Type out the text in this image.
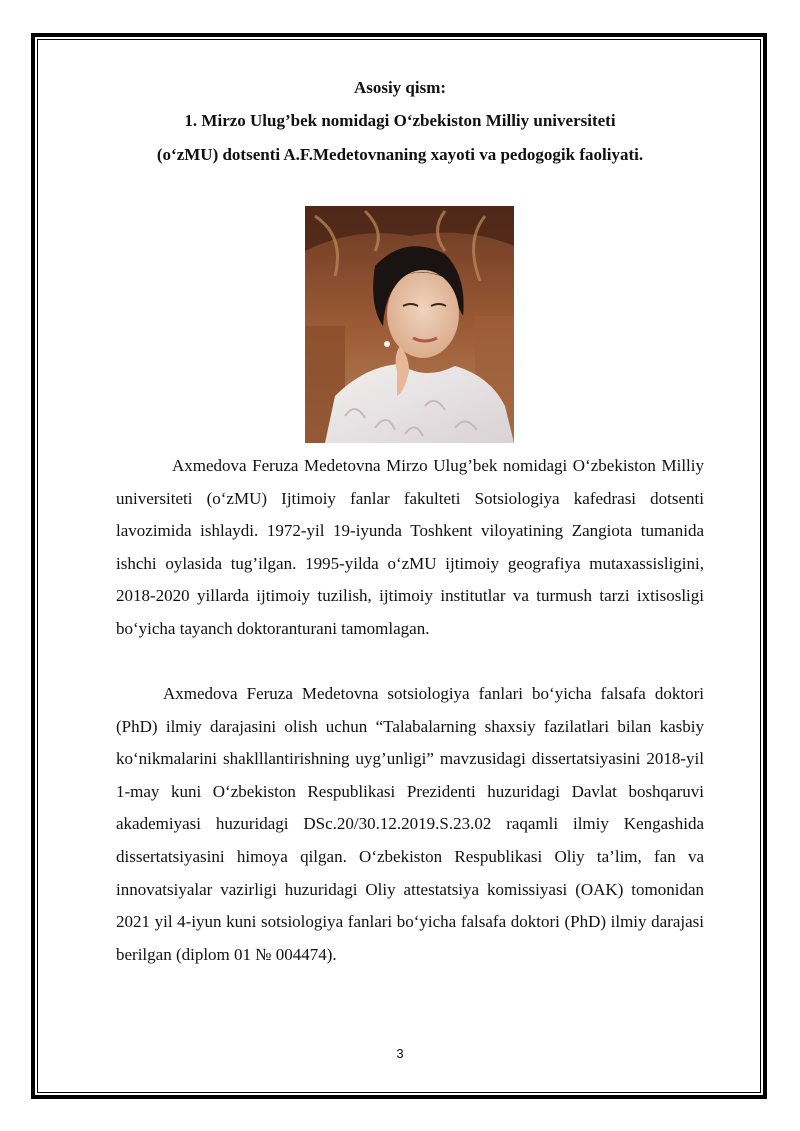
Asosiy qism:

1. Mirzo Ulug’bek nomidagi O‘zbekiston Milliy universiteti

(o‘zMU) dotsenti A.F.Medetovnaning xayoti va pedogogik faoliyati.

Axmedova Feruza Medetovna Mirzo Ulug’bek nomidagi O‘zbekiston Milliy universiteti (o‘zMU) Ijtimoiy fanlar fakulteti Sotsiologiya kafedrasi dotsenti lavozimida ishlaydi. 1972-yil 19-iyunda Toshkent viloyatining Zangiota tumanida ishchi oylasida tug’ilgan. 1995-yilda o‘zMU ijtimoiy geografiya mutaxassisligini, 2018-2020 yillarda ijtimoiy tuzilish, ijtimoiy institutlar va turmush tarzi ixtisosligi bo‘yicha tayanch doktoranturani tamomlagan.

Axmedova Feruza Medetovna sotsiologiya fanlari bo‘yicha falsafa doktori (PhD) ilmiy darajasini olish uchun “Talabalarning shaxsiy fazilatlari bilan kasbiy ko‘nikmalarini shaklllantirishning uyg’unligi” mavzusidagi dissertatsiyasini 2018-yil 1-may kuni O‘zbekiston Respublikasi Prezidenti huzuridagi Davlat boshqaruvi akademiyasi huzuridagi DSc.20/30.12.2019.S.23.02 raqamli ilmiy Kengashida dissertatsiyasini himoya qilgan. O‘zbekiston Respublikasi Oliy ta’lim, fan va innovatsiyalar vazirligi huzuridagi Oliy attestatsiya komissiyasi (OAK) tomonidan 2021 yil 4-iyun kuni sotsiologiya fanlari bo‘yicha falsafa doktori (PhD) ilmiy darajasi berilgan (diplom 01 № 004474).

3
